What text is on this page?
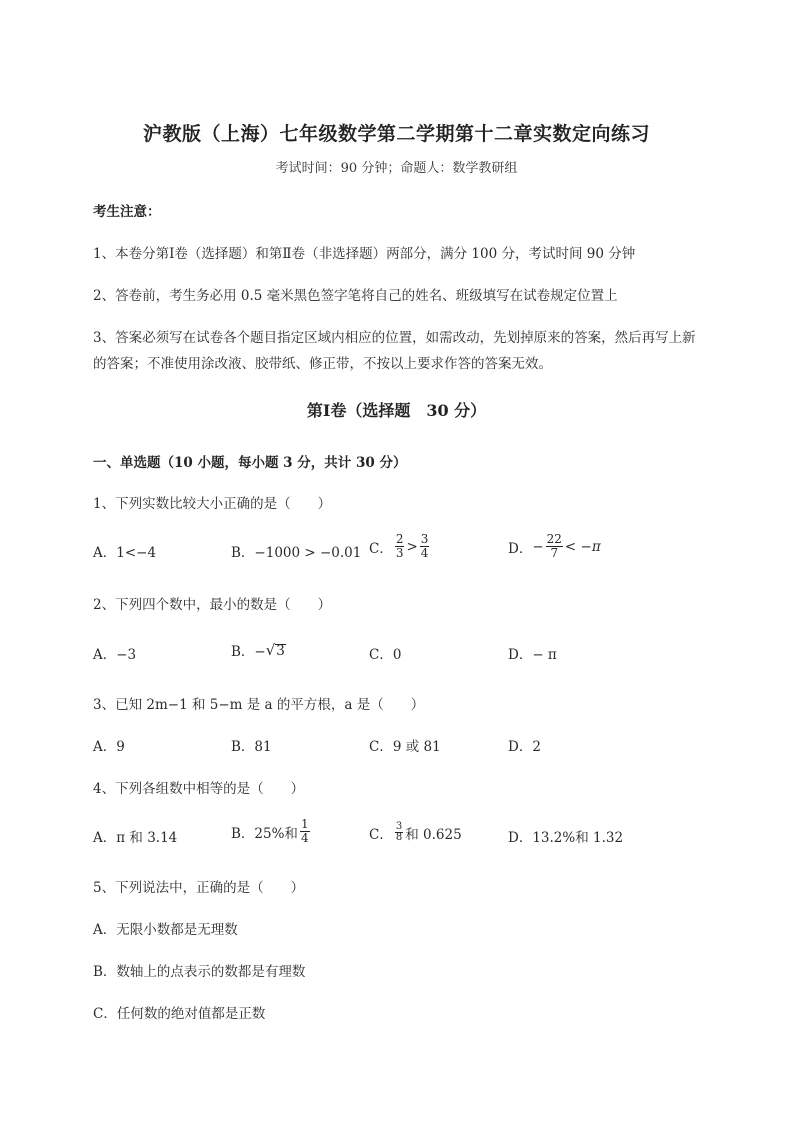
沪教版（上海）七年级数学第二学期第十二章实数定向练习
考试时间：90 分钟；命题人：数学教研组
考生注意：
1、本卷分第Ⅰ卷（选择题）和第Ⅱ卷（非选择题）两部分，满分 100 分，考试时间 90 分钟
2、答卷前，考生务必用 0.5 毫米黑色签字笔将自己的姓名、班级填写在试卷规定位置上
3、答案必须写在试卷各个题目指定区域内相应的位置，如需改动，先划掉原来的答案，然后再写上新
的答案；不准使用涂改液、胶带纸、修正带，不按以上要求作答的答案无效。
第Ⅰ卷（选择题　30 分）
一、单选题（10 小题，每小题 3 分，共计 30 分）
1、下列实数比较大小正确的是（　　）
A．1<−4	B．−1000 > −0.01 C． $\frac{2}{3} > \frac{3}{4}$	D． − $\frac{22}{7} < -\pi$
2、下列四个数中，最小的数是（　　）
A．−3	B．− √ 3	C．0	D．− π
3、已知 2m−1 和 5−m 是 a 的平方根，a 是（　　）
A．9	B．81	C．9 或 81	D．2
4、下列各组数中相等的是（　　）
A．π 和 3.14	B．25%和 $\frac{1}{4}$	C． $\frac{3}{8}$ 和 0.625	D．13.2%和 1.32
5、下列说法中，正确的是（　　）
A．无限小数都是无理数
B．数轴上的点表示的数都是有理数
C．任何数的绝对值都是正数
